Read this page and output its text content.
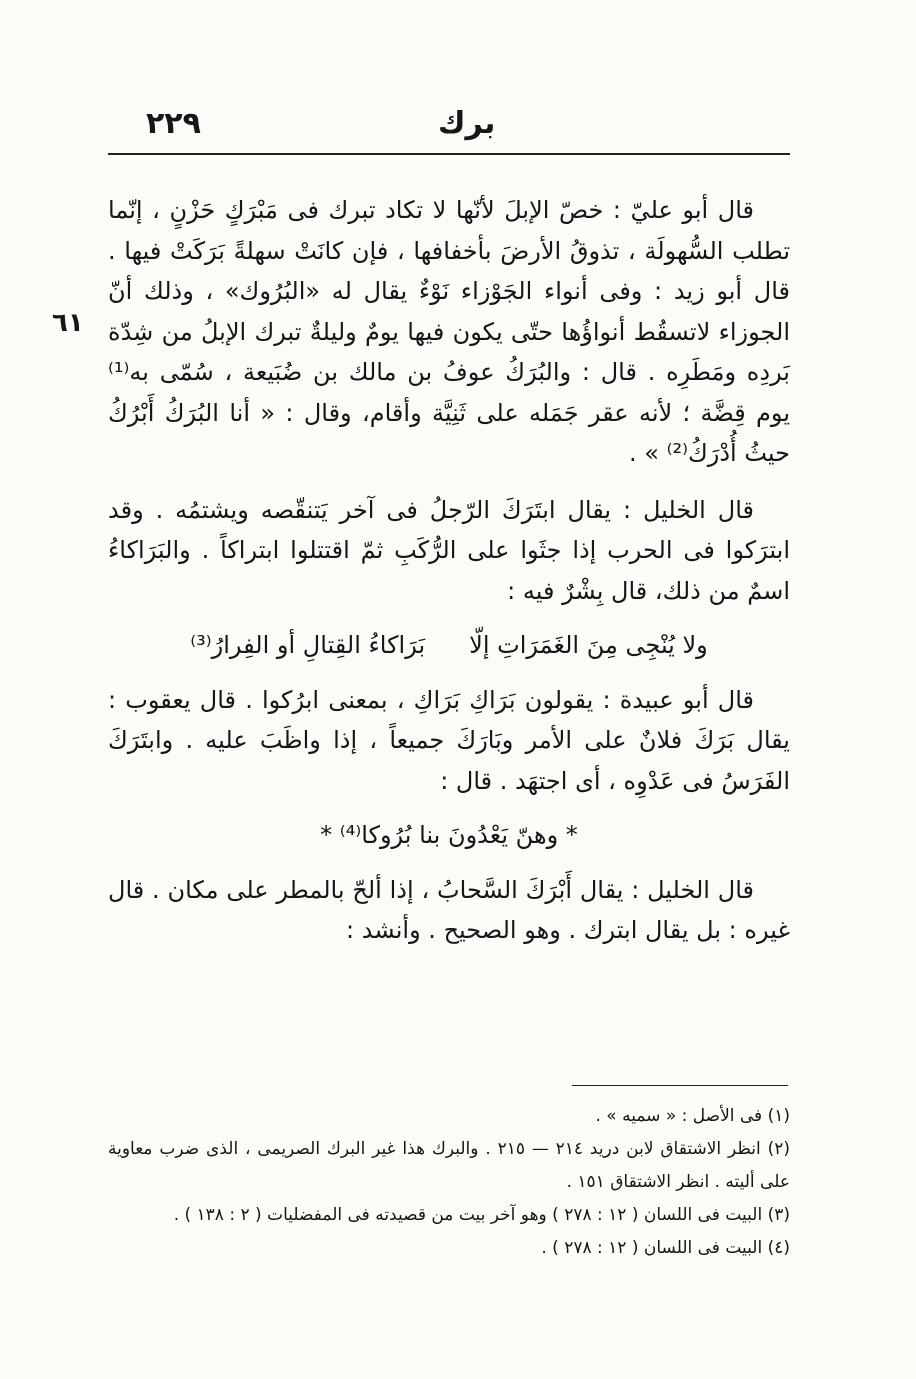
٢٢٩	برك
٦١

قال أبو عليّ : خصّ الإبلَ لأنّها لا تكاد تبرك فى مَبْرَكٍ حَزْنٍ ، إنّما تطلب السُّهولَة ، تذوقُ الأرضَ بأخفافها ، فإن كانَتْ سهلةً بَرَكَتْ فيها . قال أبو زيد : وفى أنواء الجَوْزاء نَوْءٌ يقال له «البُرُوك» ، وذلك أنّ الجوزاء لاتسقُط أنواؤُها حتّى يكون فيها يومٌ وليلةٌ تبرك الإبلُ من شِدّة بَردِه ومَطَرِه . قال : والبُرَكُ عوفُ بن مالك بن ضُبَيعة ، سُمّى به⁽¹⁾ يوم قِضَّة ؛ لأنه عقر جَمَله على ثَنِيَّة وأقام، وقال : « أنا البُرَكُ أَبْرُكُ حيثُ أُدْرَكُ⁽²⁾ » .

قال الخليل : يقال ابتَرَكَ الرّجلُ فى آخر يَتنقّصه ويشتمُه . وقد ابترَكوا فى الحرب إذا جثَوا على الرُّكَبِ ثمّ اقتتلوا ابتراكاً . والبَرَاكاءُ اسمٌ من ذلك، قال بِشْرٌ فيه :

ولا يُنْجِى مِنَ الغَمَرَاتِ إلّابَرَاكاءُ القِتالِ أو الفِرارُ⁽³⁾

قال أبو عبيدة : يقولون بَرَاكِ بَرَاكِ ، بمعنى ابرُكوا . قال يعقوب : يقال بَرَكَ فلانٌ على الأمر وبَارَكَ جميعاً ، إذا واظَبَ عليه . وابتَرَكَ الفَرَسُ فى عَدْوِه ، أى اجتهَد . قال :

* وهنّ يَعْدُونَ بنا بُرُوكا⁽⁴⁾ *

قال الخليل : يقال أَبْرَكَ السَّحابُ ، إذا ألحّ بالمطر على مكان . قال غيره : بل يقال ابترك . وهو الصحيح . وأنشد :

(١) فى الأصل : « سميه » .

(٢) انظر الاشتقاق لابن دريد ٢١٤ — ٢١٥ . والبرك هذا غير البرك الصريمى ، الذى ضرب معاوية على أليته . انظر الاشتقاق ١٥١ .

(٣) البيت فى اللسان ( ١٢ : ٢٧٨ ) وهو آخر بيت من قصيدته فى المفضليات ( ٢ : ١٣٨ ) .

(٤) البيت فى اللسان ( ١٢ : ٢٧٨ ) .
